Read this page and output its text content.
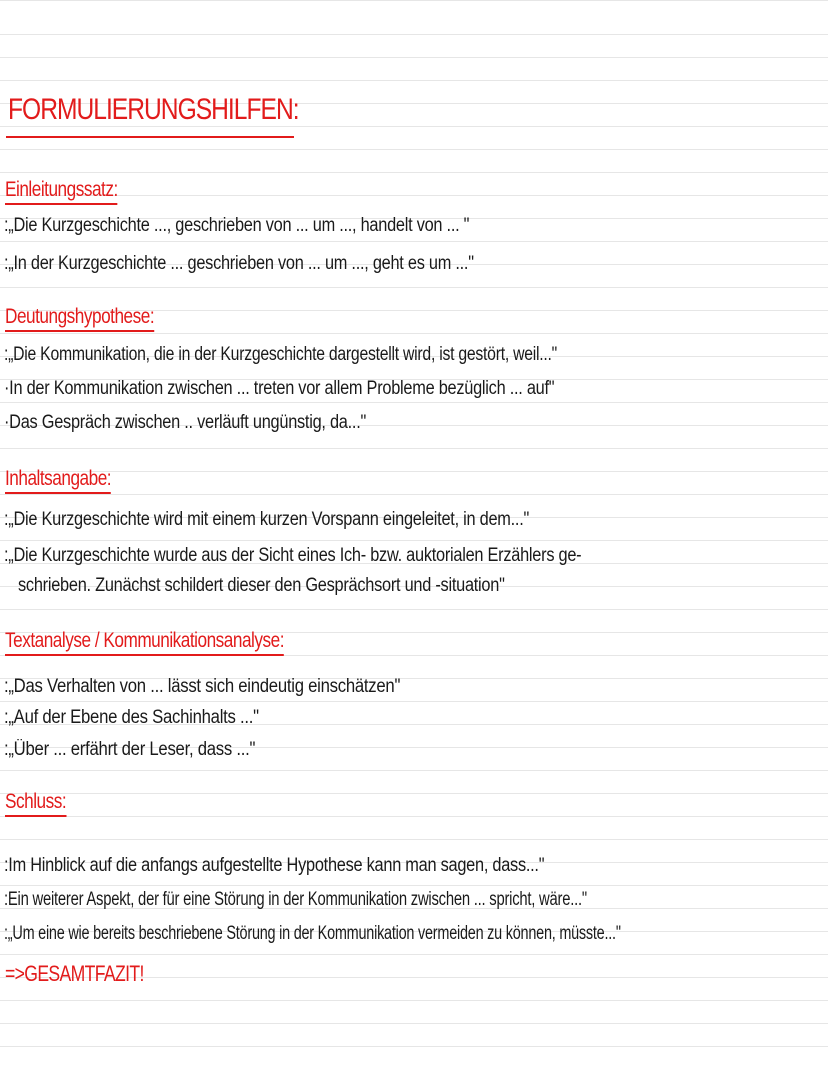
FORMULIERUNGSHILFEN:
Einleitungssatz:
:„Die Kurzgeschichte ..., geschrieben von ... um ..., handelt von ... "
:„In der Kurzgeschichte ... geschrieben von ... um ..., geht es um ..."
Deutungshypothese:
:„Die Kommunikation, die in der Kurzgeschichte dargestellt wird, ist gestört, weil..."
·In der Kommunikation zwischen ... treten vor allem Probleme bezüglich ... auf"
·Das Gespräch zwischen .. verläuft ungünstig, da..."
Inhaltsangabe:
:„Die Kurzgeschichte wird mit einem kurzen Vorspann eingeleitet, in dem..."
:„Die Kurzgeschichte wurde aus der Sicht eines Ich- bzw. auktorialen Erzählers ge-
schrieben. Zunächst schildert dieser den Gesprächsort und -situation"
Textanalyse / Kommunikationsanalyse:
:„Das Verhalten von ... lässt sich eindeutig einschätzen"
:„Auf der Ebene des Sachinhalts ..."
:„Über ... erfährt der Leser, dass ..."
Schluss:
:Im Hinblick auf die anfangs aufgestellte Hypothese kann man sagen, dass..."
:Ein weiterer Aspekt, der für eine Störung in der Kommunikation zwischen ... spricht, wäre..."
:„Um eine wie bereits beschriebene Störung in der Kommunikation vermeiden zu können, müsste..."
=>GESAMTFAZIT!
